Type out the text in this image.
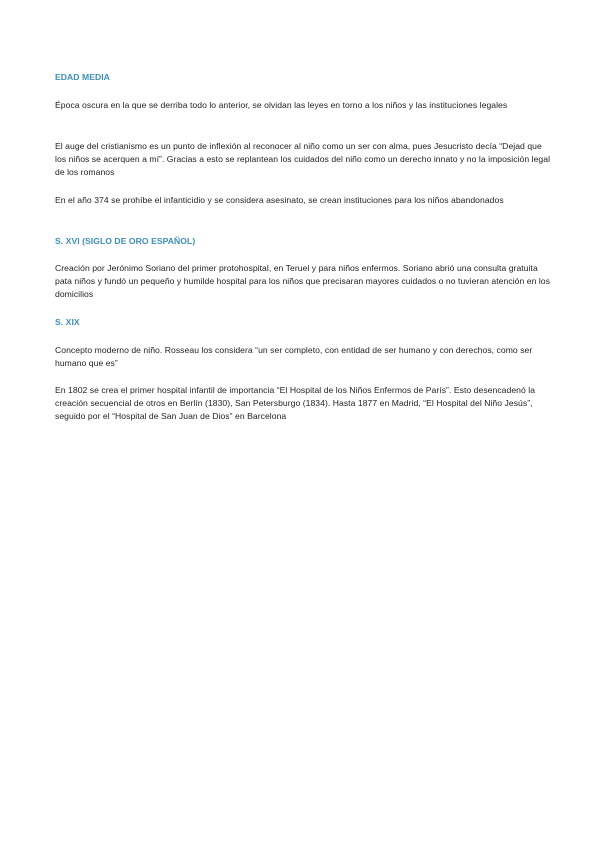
EDAD MEDIA

Época oscura en la que se derriba todo lo anterior, se olvidan las leyes en torno a los niños y las instituciones legales

El auge del cristianismo es un punto de inflexión al reconocer al niño como un ser con alma, pues Jesucristo decía “Dejad que los niños se acerquen a mí”. Gracias a esto se replantean los cuidados del niño como un derecho innato y no la imposición legal de los romanos

En el año 374 se prohíbe el infanticidio y se considera asesinato, se crean instituciones para los niños abandonados

S. XVI (SIGLO DE ORO ESPAÑOL)

Creación por Jerónimo Soriano del primer protohospital, en Teruel y para niños enfermos. Soriano abrió una consulta gratuita pata niños y fundó un pequeño y humilde hospital para los niños que precisaran mayores cuidados o no tuvieran atención en los domicilios

S. XIX

Concepto moderno de niño. Rosseau los considera “un ser completo, con entidad de ser humano y con derechos, como ser humano que es”

En 1802 se crea el primer hospital infantil de importancia “El Hospital de los Niños Enfermos de París”. Esto desencadenó la creación secuencial de otros en Berlín (1830), San Petersburgo (1834). Hasta 1877 en Madrid, “El Hospital del Niño Jesús”, seguido por el “Hospital de San Juan de Dios” en Barcelona
